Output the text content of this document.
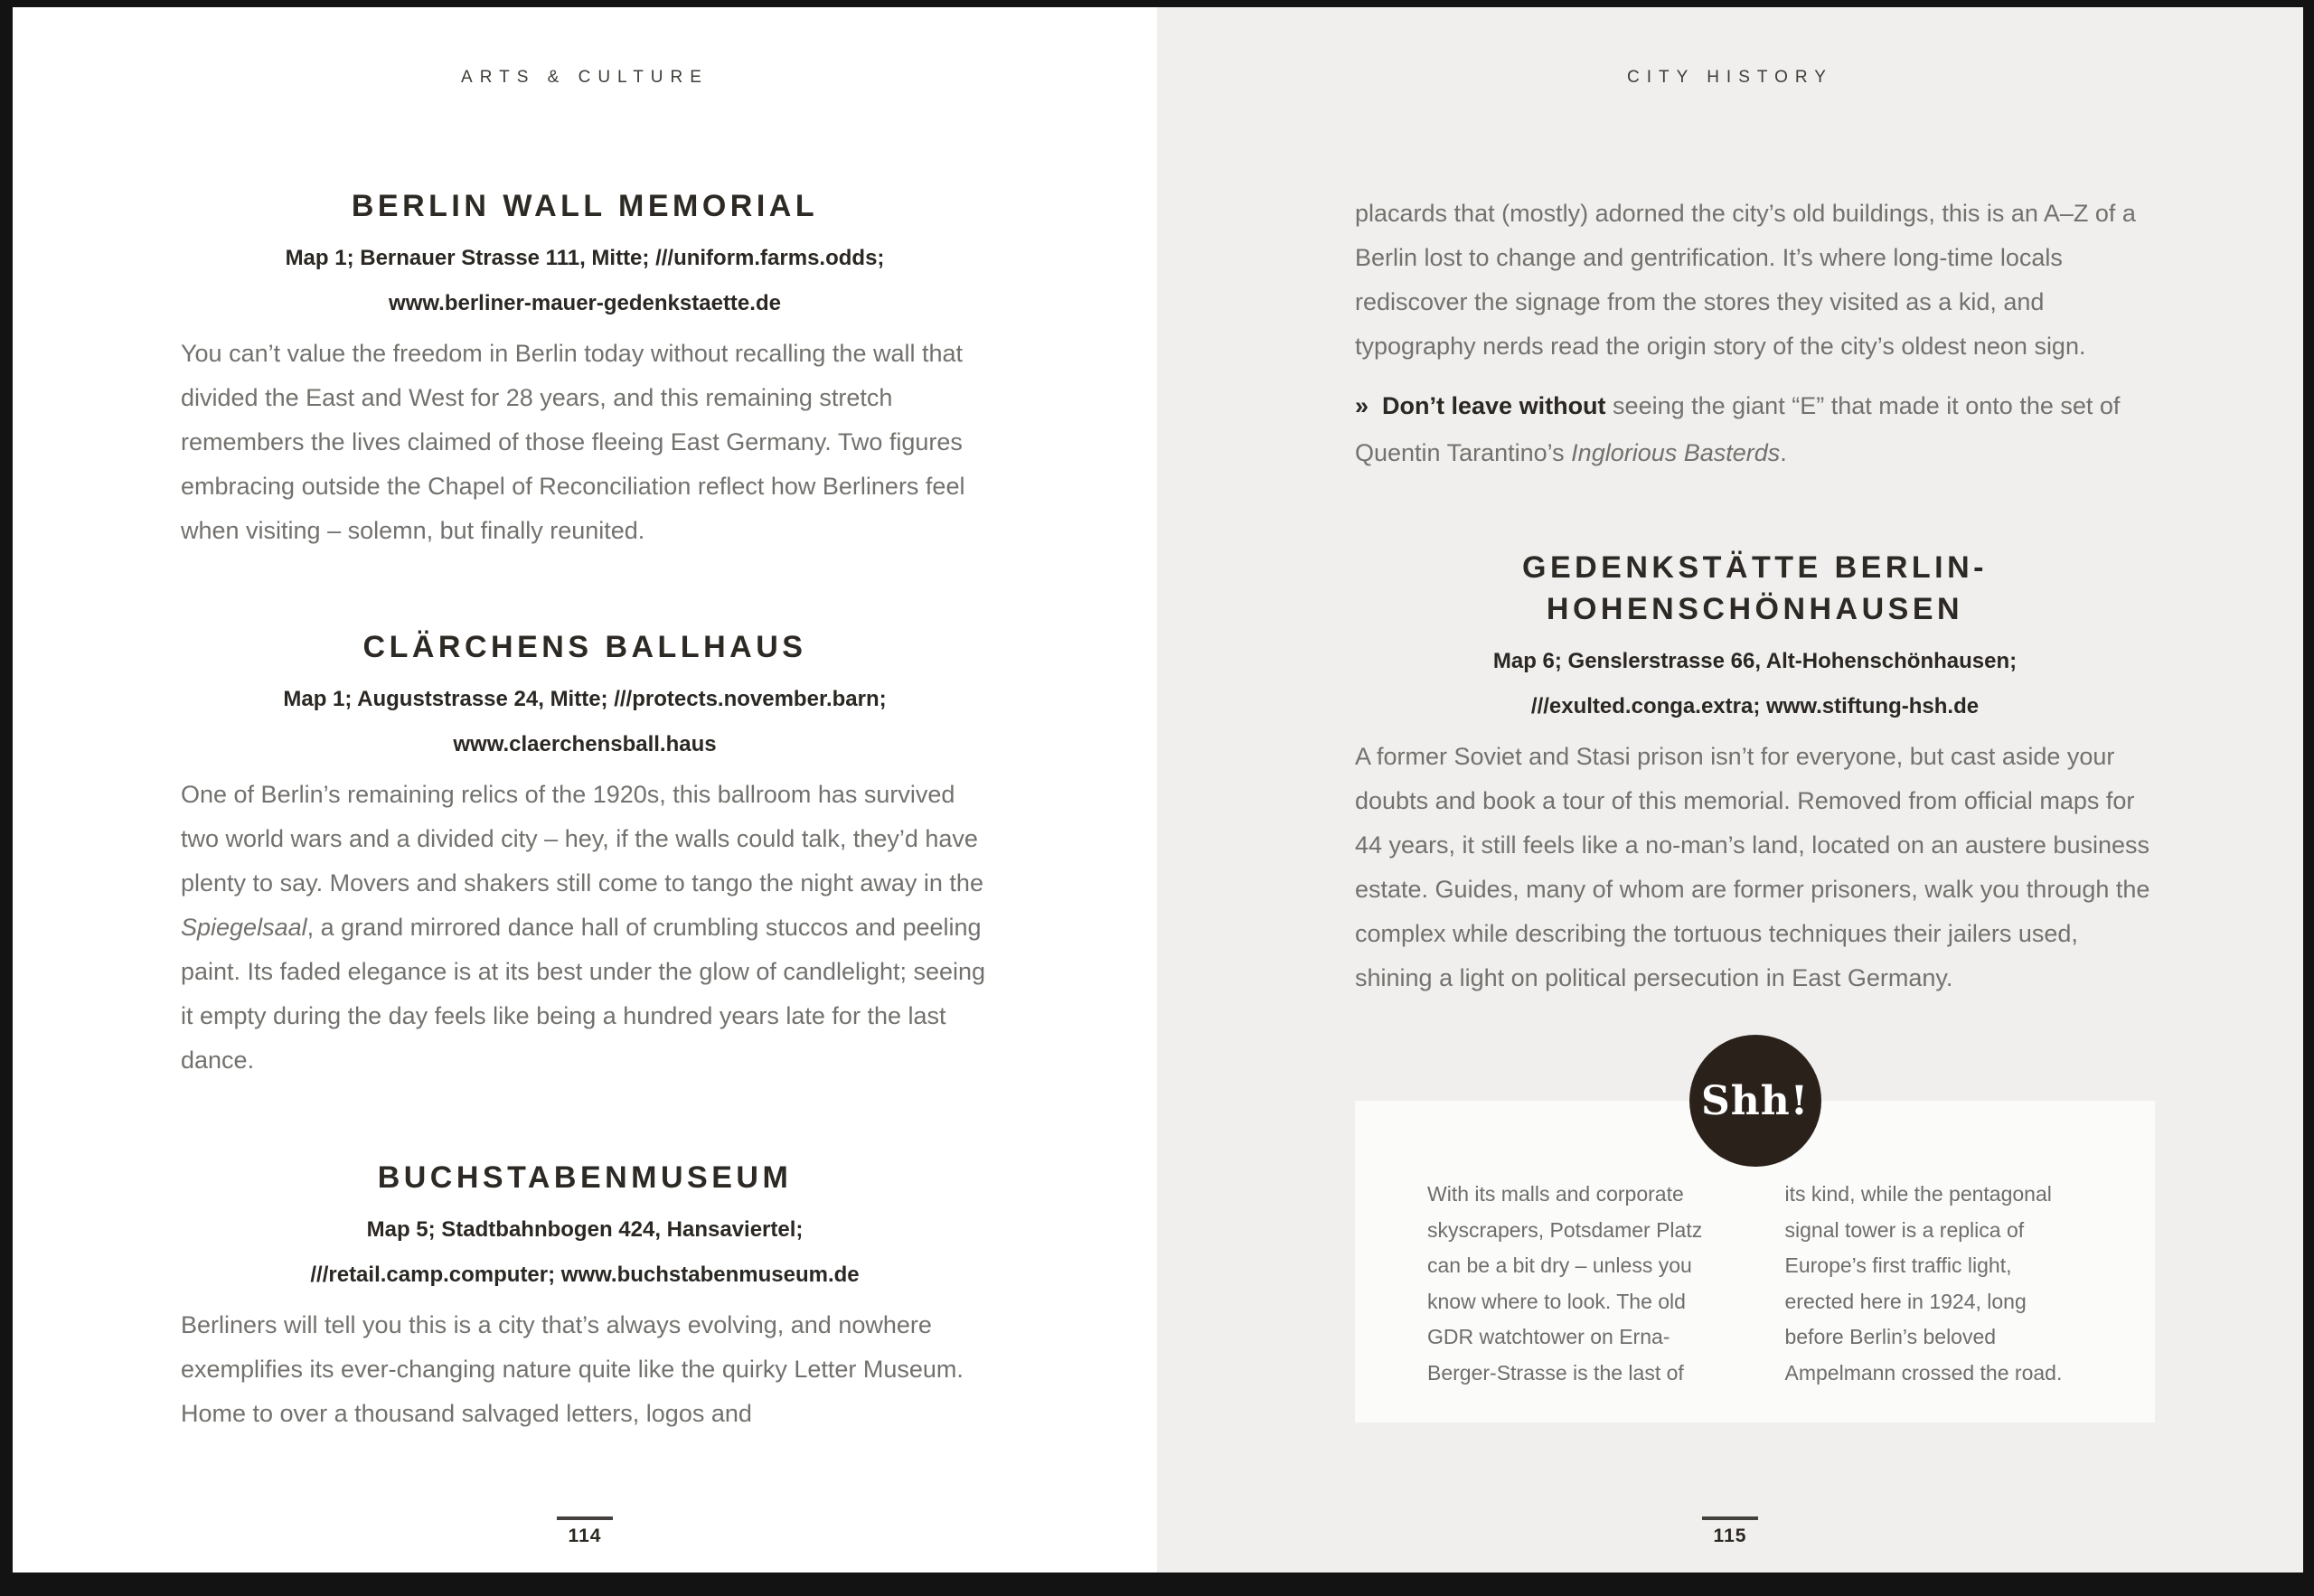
ARTS & CULTURE
BERLIN WALL MEMORIAL

Map 1; Bernauer Strasse 111, Mitte; ///uniform.farms.odds;
www.berliner-mauer-gedenkstaette.de

You can’t value the freedom in Berlin today without recalling the wall that divided the East and West for 28 years, and this remaining stretch remembers the lives claimed of those fleeing East Germany. Two figures embracing outside the Chapel of Reconciliation reflect how Berliners feel when visiting – solemn, but finally reunited.

CLÄRCHENS BALLHAUS

Map 1; Auguststrasse 24, Mitte; ///protects.november.barn;
www.claerchensball.haus

One of Berlin’s remaining relics of the 1920s, this ballroom has survived two world wars and a divided city – hey, if the walls could talk, they’d have plenty to say. Movers and shakers still come to tango the night away in the Spiegelsaal, a grand mirrored dance hall of crumbling stuccos and peeling paint. Its faded elegance is at its best under the glow of candlelight; seeing it empty during the day feels like being a hundred years late for the last dance.

BUCHSTABENMUSEUM

Map 5; Stadtbahnbogen 424, Hansaviertel;
///retail.camp.computer; www.buchstabenmuseum.de

Berliners will tell you this is a city that’s always evolving, and nowhere exemplifies its ever-changing nature quite like the quirky Letter Museum. Home to over a thousand salvaged letters, logos and

114
CITY HISTORY

placards that (mostly) adorned the city’s old buildings, this is an A–Z of a Berlin lost to change and gentrification. It’s where long-time locals rediscover the signage from the stores they visited as a kid, and typography nerds read the origin story of the city’s oldest neon sign.

» Don’t leave without seeing the giant “E” that made it onto the set of Quentin Tarantino’s Inglorious Basterds.

GEDENKSTÄTTE BERLIN-
HOHENSCHÖNHAUSEN

Map 6; Genslerstrasse 66, Alt-Hohenschönhausen;
///exulted.conga.extra; www.stiftung-hsh.de

A former Soviet and Stasi prison isn’t for everyone, but cast aside your doubts and book a tour of this memorial. Removed from official maps for 44 years, it still feels like a no-man’s land, located on an austere business estate. Guides, many of whom are former prisoners, walk you through the complex while describing the tortuous techniques their jailers used, shining a light on political persecution in East Germany.

Shh!

With its malls and corporate skyscrapers, Potsdamer Platz can be a bit dry – unless you know where to look. The old GDR watchtower on Erna-Berger-Strasse is the last of

its kind, while the pentagonal signal tower is a replica of Europe’s first traffic light, erected here in 1924, long before Berlin’s beloved Ampelmann crossed the road.

115
